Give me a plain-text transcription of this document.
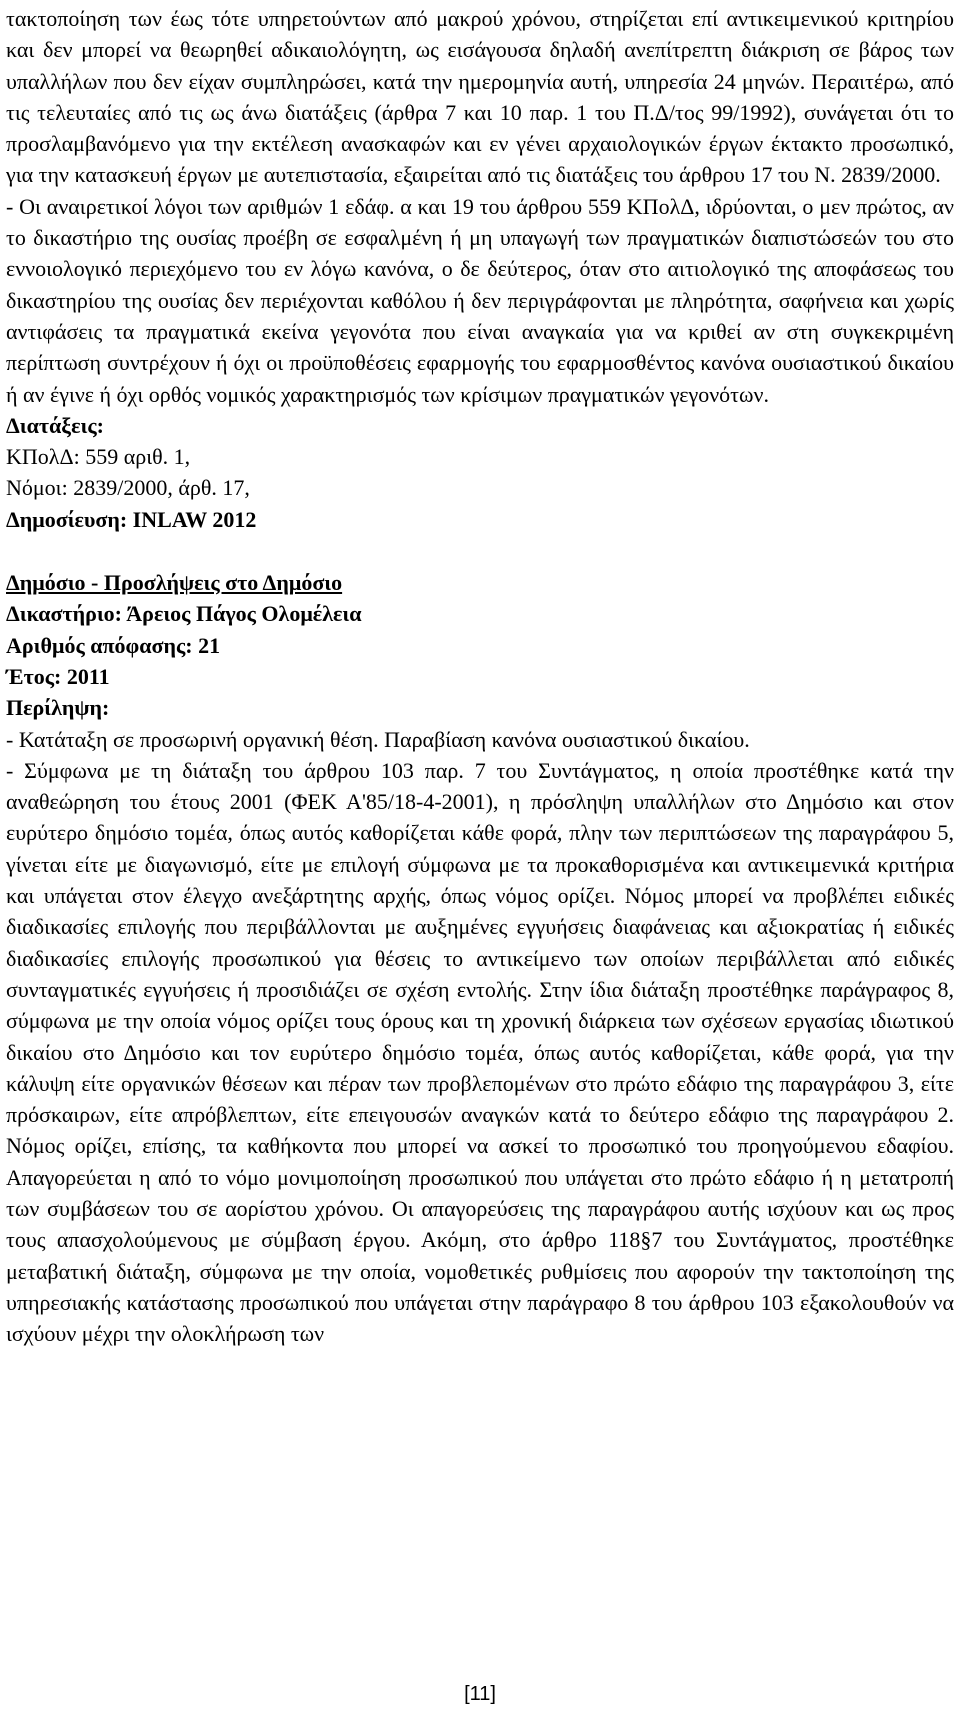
τακτοποίηση των έως τότε υπηρετούντων από μακρού χρόνου, στηρίζεται επί αντικειμενικού κριτηρίου και δεν μπορεί να θεωρηθεί αδικαιολόγητη, ως εισάγουσα δηλαδή ανεπίτρεπτη διάκριση σε βάρος των υπαλλήλων που δεν είχαν συμπληρώσει, κατά την ημερομηνία αυτή, υπηρεσία 24 μηνών. Περαιτέρω, από τις τελευταίες από τις ως άνω διατάξεις (άρθρα 7 και 10 παρ. 1 του Π.Δ/τος 99/1992), συνάγεται ότι το προσλαμβανόμενο για την εκτέλεση ανασκαφών και εν γένει αρχαιολογικών έργων έκτακτο προσωπικό, για την κατασκευή έργων με αυτεπιστασία, εξαιρείται από τις διατάξεις του άρθρου 17 του Ν. 2839/2000.

- Οι αναιρετικοί λόγοι των αριθμών 1 εδάφ. α και 19 του άρθρου 559 ΚΠολΔ, ιδρύονται, ο μεν πρώτος, αν το δικαστήριο της ουσίας προέβη σε εσφαλμένη ή μη υπαγωγή των πραγματικών διαπιστώσεών του στο εννοιολογικό περιεχόμενο του εν λόγω κανόνα, ο δε δεύτερος, όταν στο αιτιολογικό της αποφάσεως του δικαστηρίου της ουσίας δεν περιέχονται καθόλου ή δεν περιγράφονται με πληρότητα, σαφήνεια και χωρίς αντιφάσεις τα πραγματικά εκείνα γεγονότα που είναι αναγκαία για να κριθεί αν στη συγκεκριμένη περίπτωση συντρέχουν ή όχι οι προϋποθέσεις εφαρμογής του εφαρμοσθέντος κανόνα ουσιαστικού δικαίου ή αν έγινε ή όχι ορθός νομικός χαρακτηρισμός των κρίσιμων πραγματικών γεγονότων.

Διατάξεις:

ΚΠολΔ: 559 αριθ. 1,

Νόμοι: 2839/2000, άρθ. 17,

Δημοσίευση: INLAW 2012

Δημόσιο - Προσλήψεις στο Δημόσιο

Δικαστήριο: Άρειος Πάγος Ολομέλεια

Αριθμός απόφασης: 21

Έτος: 2011

Περίληψη:

- Κατάταξη σε προσωρινή οργανική θέση. Παραβίαση κανόνα ουσιαστικού δικαίου.

- Σύμφωνα με τη διάταξη του άρθρου 103 παρ. 7 του Συντάγματος, η οποία προστέθηκε κατά την αναθεώρηση του έτους 2001 (ΦΕΚ Α'85/18-4-2001), η πρόσληψη υπαλλήλων στο Δημόσιο και στον ευρύτερο δημόσιο τομέα, όπως αυτός καθορίζεται κάθε φορά, πλην των περιπτώσεων της παραγράφου 5, γίνεται είτε με διαγωνισμό, είτε με επιλογή σύμφωνα με τα προκαθορισμένα και αντικειμενικά κριτήρια και υπάγεται στον έλεγχο ανεξάρτητης αρχής, όπως νόμος ορίζει. Νόμος μπορεί να προβλέπει ειδικές διαδικασίες επιλογής που περιβάλλονται με αυξημένες εγγυήσεις διαφάνειας και αξιοκρατίας ή ειδικές διαδικασίες επιλογής προσωπικού για θέσεις το αντικείμενο των οποίων περιβάλλεται από ειδικές συνταγματικές εγγυήσεις ή προσιδιάζει σε σχέση εντολής. Στην ίδια διάταξη προστέθηκε παράγραφος 8, σύμφωνα με την οποία νόμος ορίζει τους όρους και τη χρονική διάρκεια των σχέσεων εργασίας ιδιωτικού δικαίου στο Δημόσιο και τον ευρύτερο δημόσιο τομέα, όπως αυτός καθορίζεται, κάθε φορά, για την κάλυψη είτε οργανικών θέσεων και πέραν των προβλεπομένων στο πρώτο εδάφιο της παραγράφου 3, είτε πρόσκαιρων, είτε απρόβλεπτων, είτε επειγουσών αναγκών κατά το δεύτερο εδάφιο της παραγράφου 2. Νόμος ορίζει, επίσης, τα καθήκοντα που μπορεί να ασκεί το προσωπικό του προηγούμενου εδαφίου. Απαγορεύεται η από το νόμο μονιμοποίηση προσωπικού που υπάγεται στο πρώτο εδάφιο ή η μετατροπή των συμβάσεων του σε αορίστου χρόνου. Οι απαγορεύσεις της παραγράφου αυτής ισχύουν και ως προς τους απασχολούμενους με σύμβαση έργου. Ακόμη, στο άρθρο 118§7 του Συντάγματος, προστέθηκε μεταβατική διάταξη, σύμφωνα με την οποία, νομοθετικές ρυθμίσεις που αφορούν την τακτοποίηση της υπηρεσιακής κατάστασης προσωπικού που υπάγεται στην παράγραφο 8 του άρθρου 103 εξακολουθούν να ισχύουν μέχρι την ολοκλήρωση των

[11]
